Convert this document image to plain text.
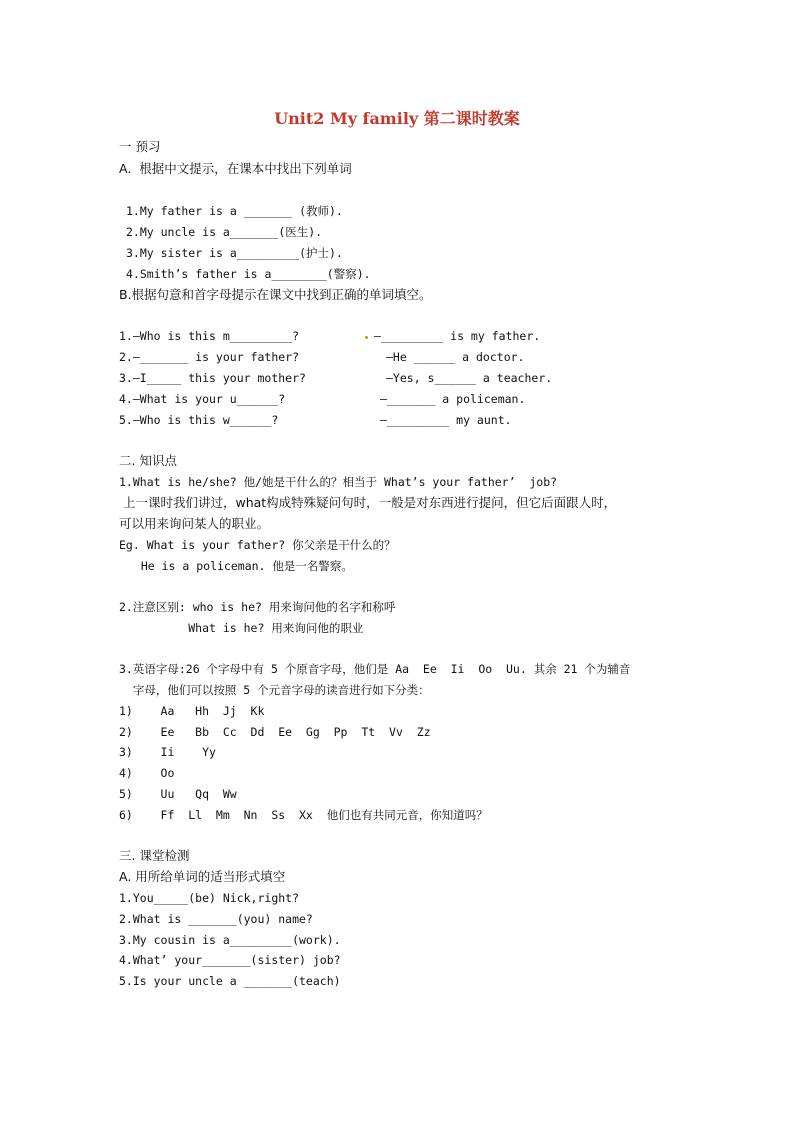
Unit2 My family 第二课时教案
一 预习
A.  根据中文提示，在课本中找出下列单词
1.My father is a _______ (教师).
2.My uncle is a_______(医生).
3.My sister is a_________(护士).
4.Smith’s father is a________(警察).
B.根据句意和首字母提示在课文中找到正确的单词填空。
1.—Who is this m_________?	—_________ is my father.
2.—_______ is your father?	—He ______ a doctor.
3.—I_____ this your mother?	—Yes, s______ a teacher.
4.—What is your u______?	—_______ a policeman.
5.—Who is this w______?	—_________ my aunt.
二. 知识点
1.What is he/she? 他/她是干什么的？相当于 What’s your father’  job?
上一课时我们讲过，what构成特殊疑问句时，一般是对东西进行提问，但它后面跟人时，
可以用来询问某人的职业。
Eg. What is your father? 你父亲是干什么的？
He is a policeman. 他是一名警察。
2.注意区别: who is he? 用来询问他的名字和称呼
What is he? 用来询问他的职业
3.英语字母:26 个字母中有 5 个原音字母，他们是 Aa  Ee  Ii  Oo  Uu. 其余 21 个为辅音
字母，他们可以按照 5 个元音字母的读音进行如下分类：
1)    Aa   Hh  Jj  Kk
2)    Ee   Bb  Cc  Dd  Ee  Gg  Pp  Tt  Vv  Zz
3)    Ii    Yy
4)    Oo
5)    Uu   Qq  Ww
6)    Ff  Ll  Mm  Nn  Ss  Xx  他们也有共同元音，你知道吗？
三. 课堂检测
A. 用所给单词的适当形式填空
1.You_____(be) Nick,right?
2.What is _______(you) name?
3.My cousin is a_________(work).
4.What’ your_______(sister) job?
5.Is your uncle a _______(teach)
